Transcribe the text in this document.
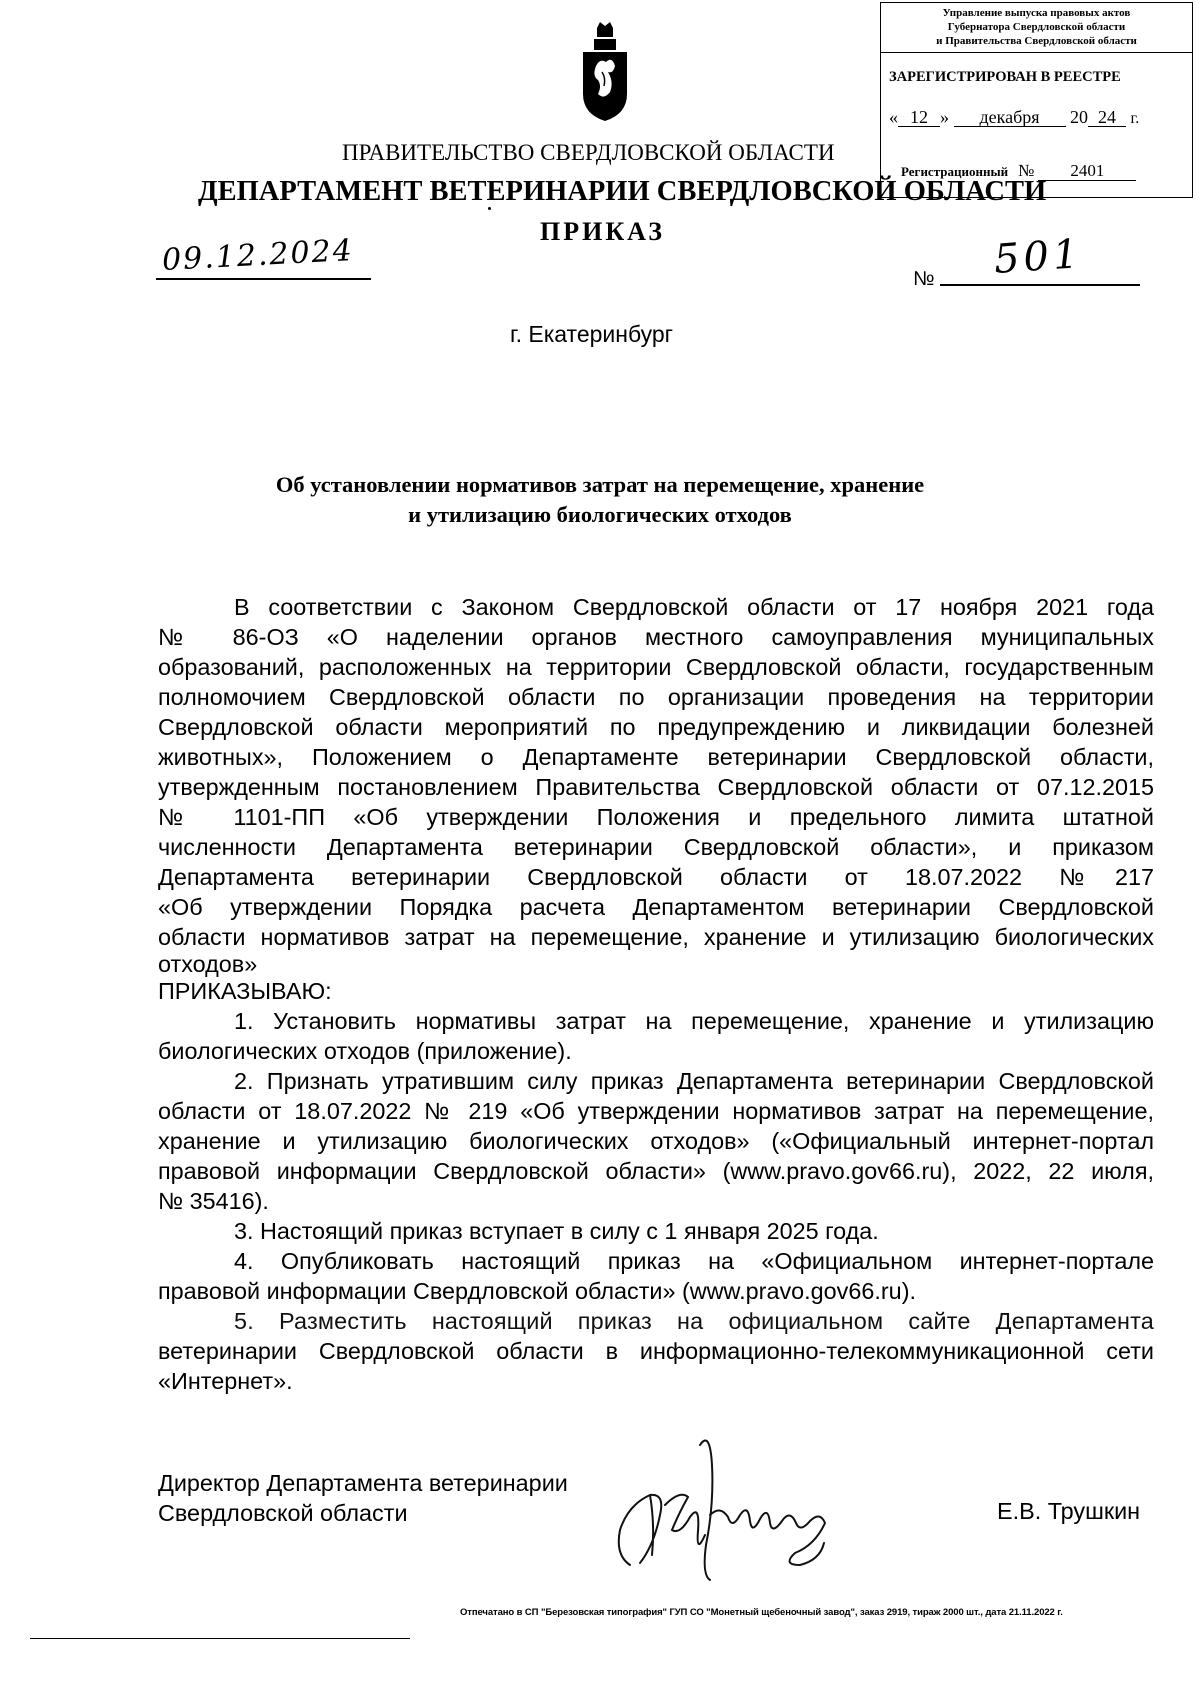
Управление выпуска правовых актов
Губернатора Свердловской области
и Правительства Свердловской области
ЗАРЕГИСТРИРОВАН В РЕЕСТРЕ
« 12 » декабря 20 24 г.
Регистрационный № 2401
ПРАВИТЕЛЬСТВО СВЕРДЛОВСКОЙ ОБЛАСТИ
ДЕПАРТАМЕНТ ВЕТЕРИНАРИИ СВЕРДЛОВСКОЙ ОБЛАСТИ
ПРИКАЗ
09.12.2024
№ 501
г. Екатеринбург
Об установлении нормативов затрат на перемещение, хранение
и утилизацию биологических отходов
В соответствии с Законом Свердловской области от 17 ноября 2021 года
№ 86-ОЗ «О наделении органов местного самоуправления муниципальных
образований, расположенных на территории Свердловской области, государственным
полномочием Свердловской области по организации проведения на территории
Свердловской области мероприятий по предупреждению и ликвидации болезней
животных», Положением о Департаменте ветеринарии Свердловской области,
утвержденным постановлением Правительства Свердловской области от 07.12.2015
№ 1101-ПП «Об утверждении Положения и предельного лимита штатной
численности Департамента ветеринарии Свердловской области», и приказом
Департамента ветеринарии Свердловской области от 18.07.2022 №217
«Об утверждении Порядка расчета Департаментом ветеринарии Свердловской
области нормативов затрат на перемещение, хранение и утилизацию биологических
отходов»
ПРИКАЗЫВАЮ:
1. Установить нормативы затрат на перемещение, хранение и утилизацию
биологических отходов (приложение).
2. Признать утратившим силу приказ Департамента ветеринарии Свердловской
области от 18.07.2022 № 219 «Об утверждении нормативов затрат на перемещение,
хранение и утилизацию биологических отходов» («Официальный интернет-портал
правовой информации Свердловской области» (www.pravo.gov66.ru), 2022, 22 июля,
№ 35416).
3. Настоящий приказ вступает в силу с 1 января 2025 года.
4. Опубликовать настоящий приказ на «Официальном интернет-портале
правовой информации Свердловской области» (www.pravo.gov66.ru).
5. Разместить настоящий приказ на официальном сайте Департамента
ветеринарии Свердловской области в информационно-телекоммуникационной сети
«Интернет».
Директор Департамента ветеринарии
Свердловской области	Е.В. Трушкин
Отпечатано в СП "Березовская типография" ГУП СО "Монетный щебеночный завод", заказ 2919, тираж 2000 шт., дата 21.11.2022 г.
